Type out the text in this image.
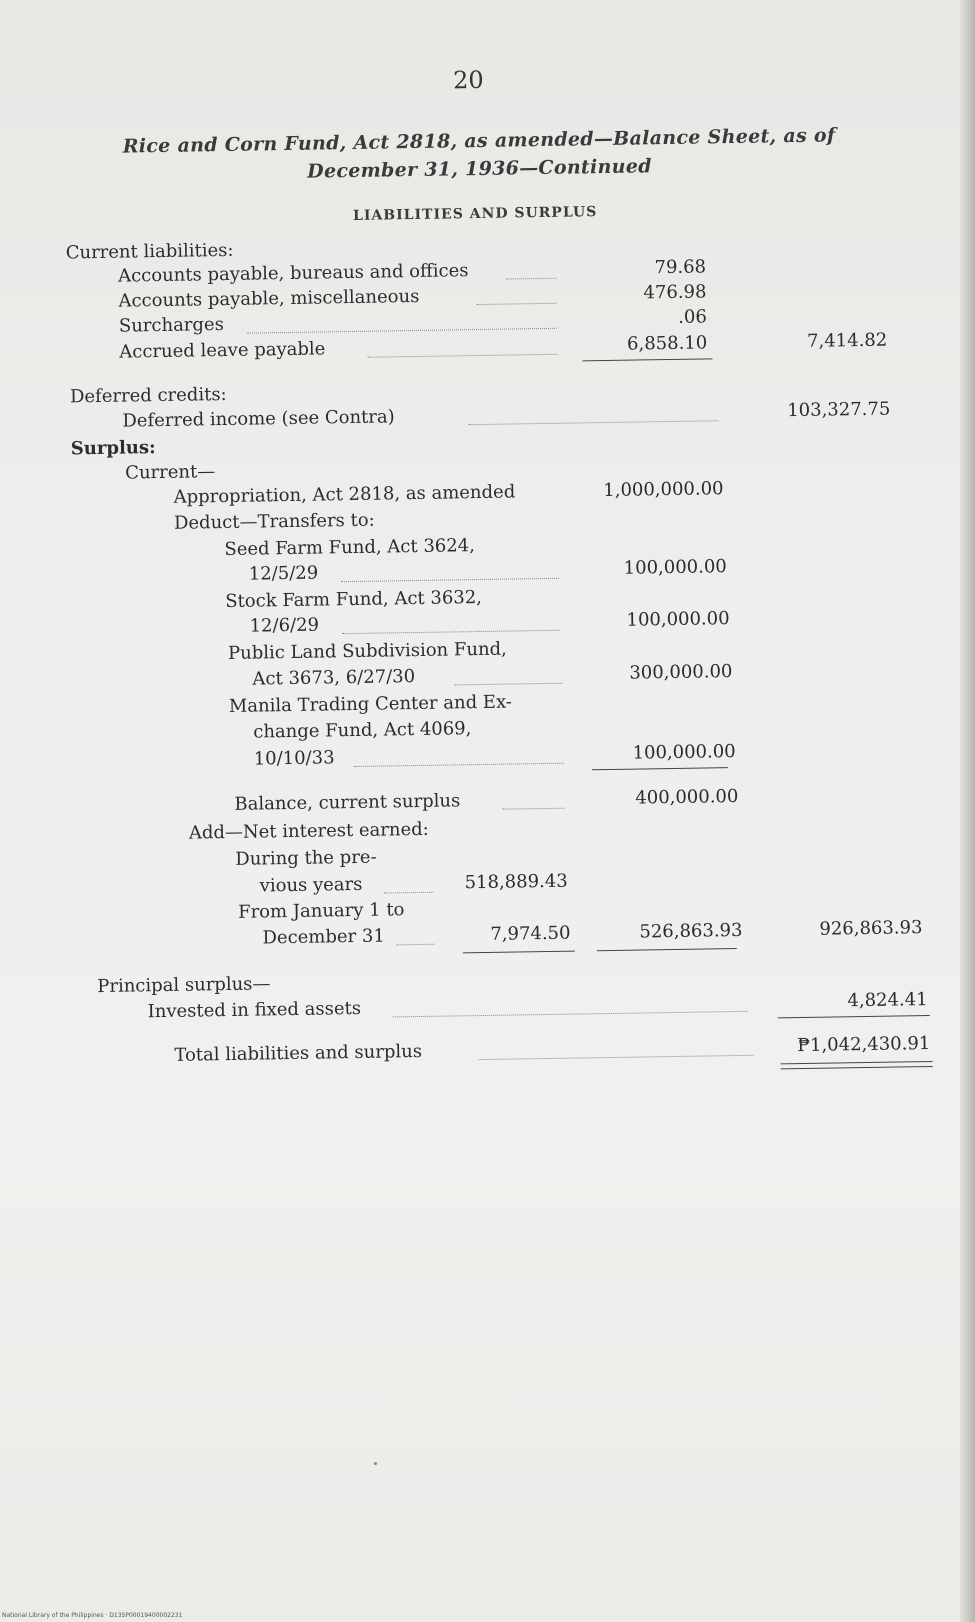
20
Rice and Corn Fund, Act 2818, as amended—Balance Sheet, as of
December 31, 1936—Continued
LIABILITIES AND SURPLUS
Current liabilities:
Accounts payable, bureaus and offices	79.68
Accounts payable, miscellaneous	476.98
Surcharges	.06
Accrued leave payable	6,858.10	7,414.82
Deferred credits:
Deferred income (see Contra)	103,327.75
Surplus:
Current—
Appropriation, Act 2818, as amended	1,000,000.00
Deduct—Transfers to:
Seed Farm Fund, Act 3624,
12/5/29	100,000.00
Stock Farm Fund, Act 3632,
12/6/29	100,000.00
Public Land Subdivision Fund,
Act 3673, 6/27/30	300,000.00
Manila Trading Center and Ex-
change Fund, Act 4069,
10/10/33	100,000.00
Balance, current surplus	400,000.00
Add—Net interest earned:
During the pre-
vious years	518,889.43
From January 1 to
December 31	7,974.50	526,863.93	926,863.93
Principal surplus—
Invested in fixed assets	4,824.41
Total liabilities and surplus	₱1,042,430.91
National Library of the Philippines · D13SP00019400002231
